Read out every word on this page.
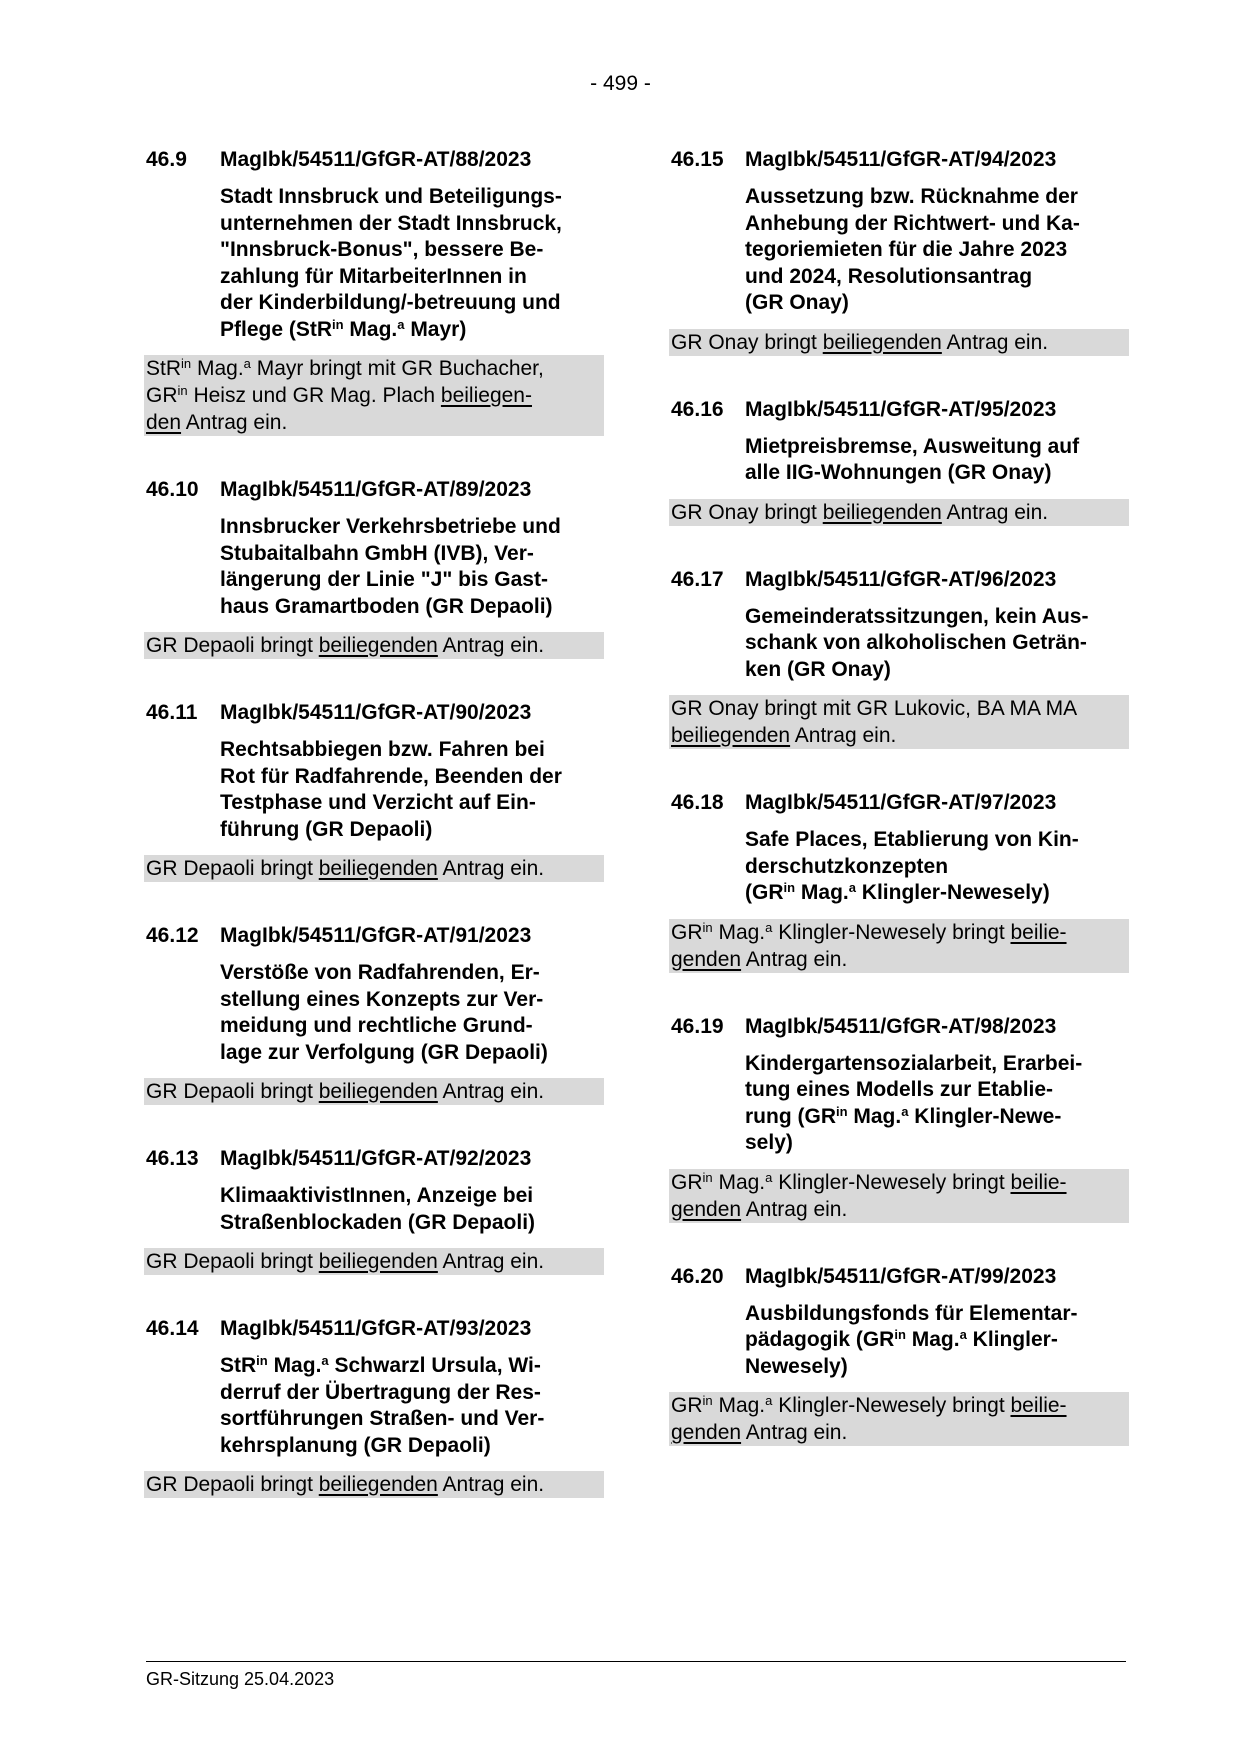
- 499 -
46.9	MagIbk/54511/GfGR-AT/88/2023
Stadt Innsbruck und Beteiligungs-
unternehmen der Stadt Innsbruck,
"Innsbruck-Bonus", bessere Be-
zahlung für MitarbeiterInnen in
der Kinderbildung/-betreuung und
Pflege (StR$^{in}$ Mag.$^a$ Mayr)
StR$^{in}$ Mag.$^a$ Mayr bringt mit GR Buchacher,
$GR^{in}$ Heisz und GR Mag. Plach beiliegen-
den Antrag ein.
46.10	MagIbk/54511/GfGR-AT/89/2023
Innsbrucker Verkehrsbetriebe und
Stubaitalbahn GmbH (IVB), Ver-
längerung der Linie "J" bis Gast-
haus Gramartboden (GR Depaoli)
GR Depaoli bringt beiliegenden Antrag ein.
46.11	MagIbk/54511/GfGR-AT/90/2023
Rechtsabbiegen bzw. Fahren bei
Rot für Radfahrende, Beenden der
Testphase und Verzicht auf Ein-
führung (GR Depaoli)
GR Depaoli bringt beiliegenden Antrag ein.
46.12	MagIbk/54511/GfGR-AT/91/2023
Verstöße von Radfahrenden, Er-
stellung eines Konzepts zur Ver-
meidung und rechtliche Grund-
lage zur Verfolgung (GR Depaoli)
GR Depaoli bringt beiliegenden Antrag ein.
46.13	MagIbk/54511/GfGR-AT/92/2023
KlimaaktivistInnen, Anzeige bei
Straßenblockaden (GR Depaoli)
GR Depaoli bringt beiliegenden Antrag ein.
46.14	MagIbk/54511/GfGR-AT/93/2023
StR$^{in}$ Mag.$^a$ Schwarzl Ursula, Wi-
derruf der Übertragung der Res-
sortführungen Straßen- und Ver-
kehrsplanung (GR Depaoli)
GR Depaoli bringt beiliegenden Antrag ein.
46.15	MagIbk/54511/GfGR-AT/94/2023
Aussetzung bzw. Rücknahme der
Anhebung der Richtwert- und Ka-
tegoriemieten für die Jahre 2023
und 2024, Resolutionsantrag
(GR Onay)
GR Onay bringt beiliegenden Antrag ein.
46.16	MagIbk/54511/GfGR-AT/95/2023
Mietpreisbremse, Ausweitung auf
alle IIG-Wohnungen (GR Onay)
GR Onay bringt beiliegenden Antrag ein.
46.17	MagIbk/54511/GfGR-AT/96/2023
Gemeinderatssitzungen, kein Aus-
schank von alkoholischen Geträn-
ken (GR Onay)
GR Onay bringt mit GR Lukovic, BA MA MA
beiliegenden Antrag ein.
46.18	MagIbk/54511/GfGR-AT/97/2023
Safe Places, Etablierung von Kin-
derschutzkonzepten
($GR^{in}$ Mag.$^a$ Klingler-Newesely)
$GR^{in}$ Mag.$^a$ Klingler-Newesely bringt beilie-
genden Antrag ein.
46.19	MagIbk/54511/GfGR-AT/98/2023
Kindergartensozialarbeit, Erarbei-
tung eines Modells zur Etablie-
rung ($GR^{in}$ Mag.$^a$ Klingler-Newe-
sely)
$GR^{in}$ Mag.$^a$ Klingler-Newesely bringt beilie-
genden Antrag ein.
46.20	MagIbk/54511/GfGR-AT/99/2023
Ausbildungsfonds für Elementar-
pädagogik ($GR^{in}$ Mag.$^a$ Klingler-
Newesely)
$GR^{in}$ Mag.$^a$ Klingler-Newesely bringt beilie-
genden Antrag ein.
GR-Sitzung 25.04.2023
